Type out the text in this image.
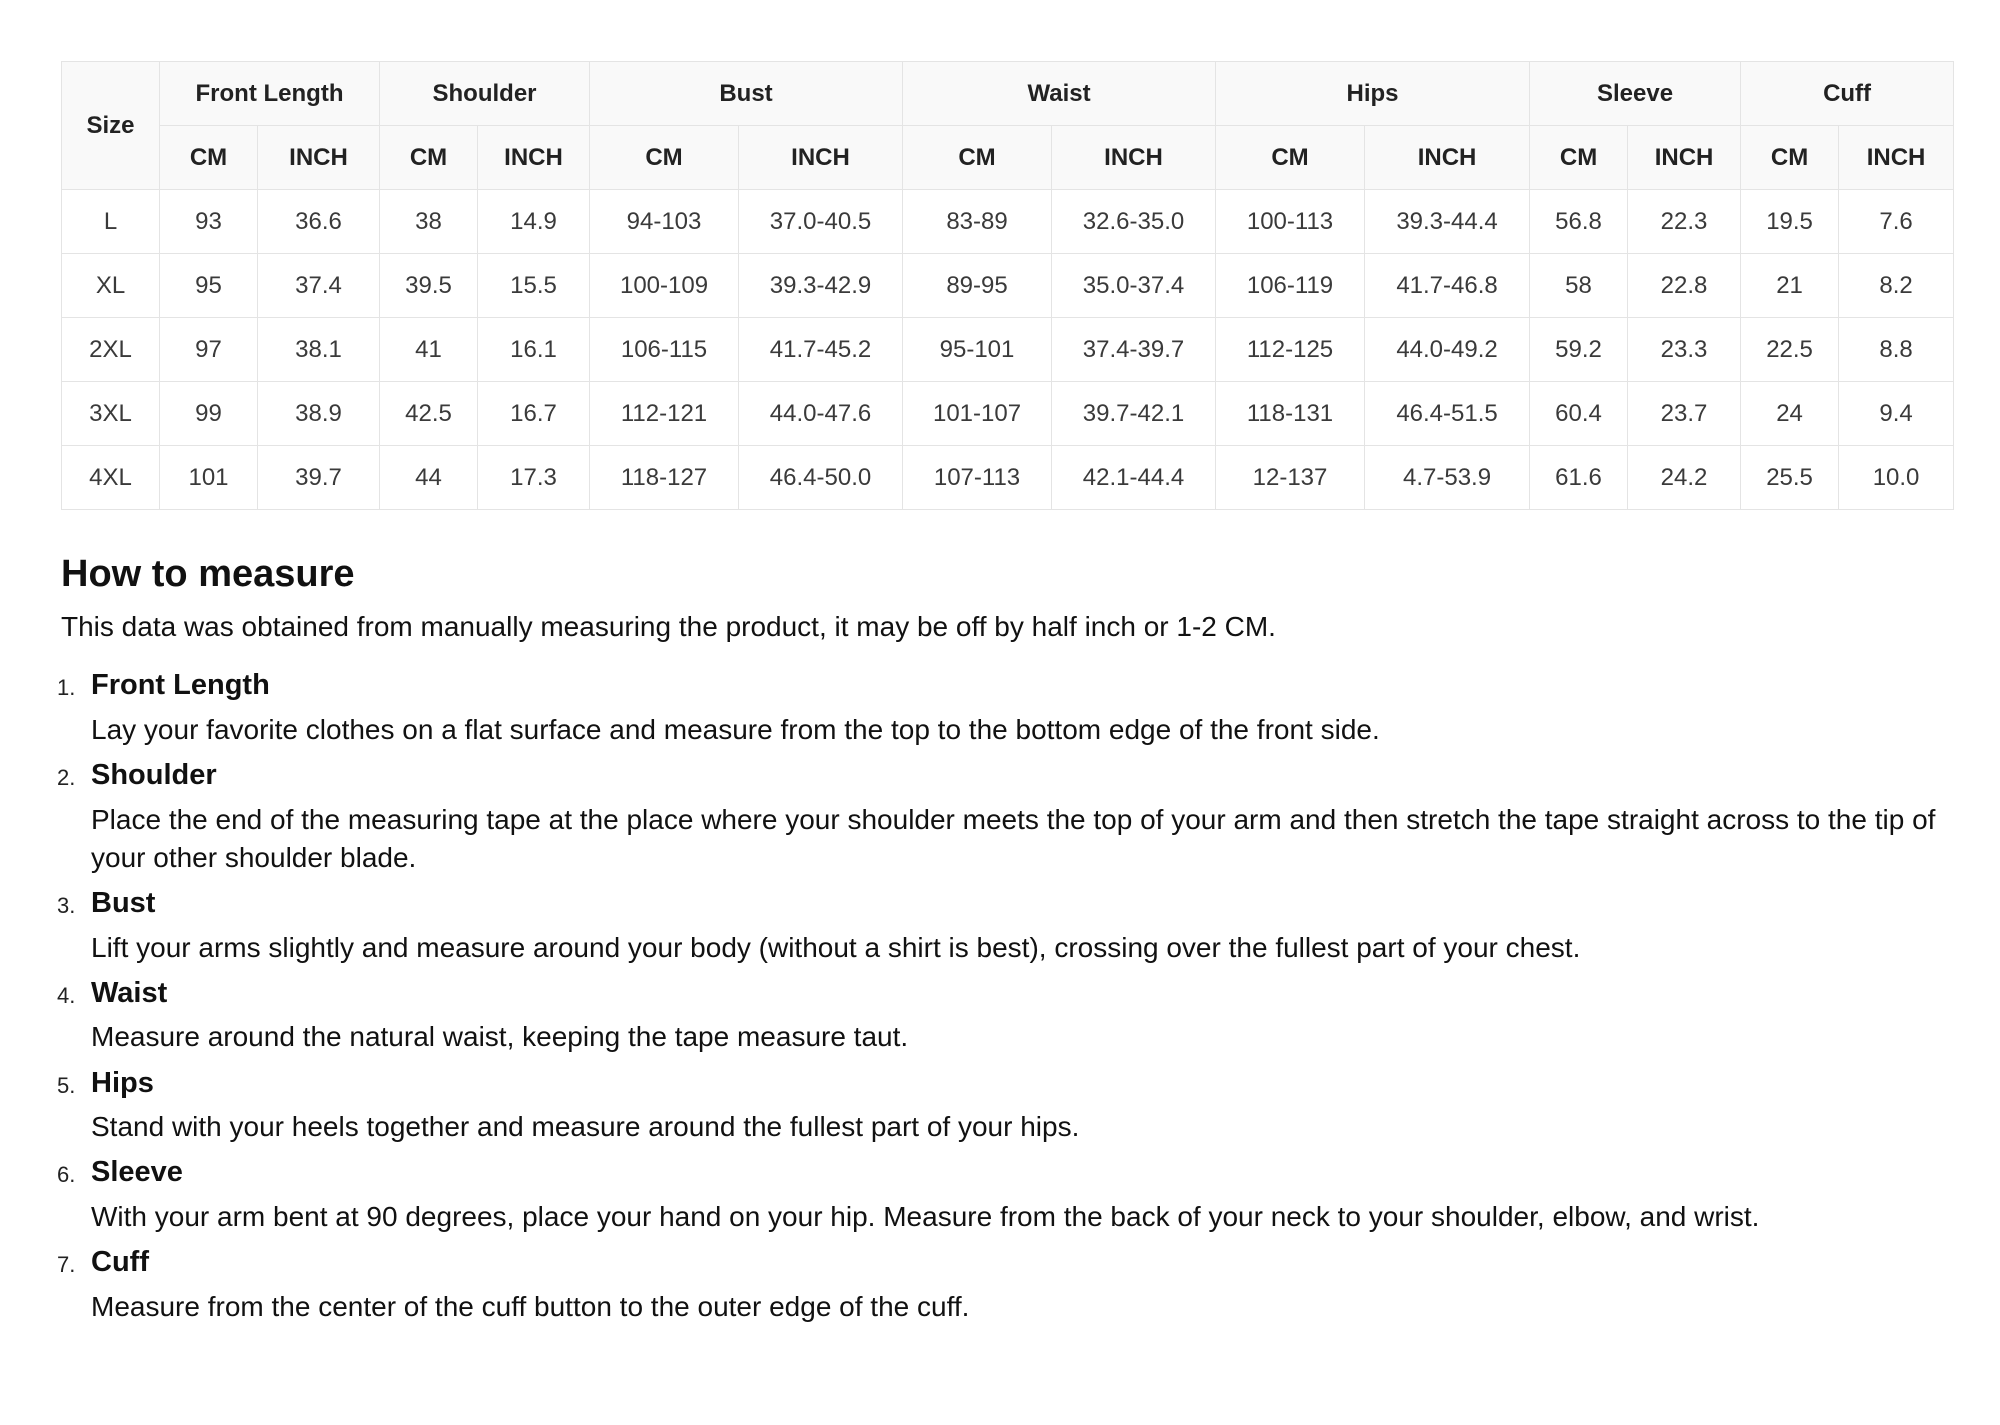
Size	Front Length		Shoulder		Bust		Waist		Hips		Sleeve		Cuff	
	CM	INCH	CM	INCH	CM	INCH	CM	INCH	CM	INCH	CM	INCH	CM	INCH
L	93	36.6	38	14.9	94-103	37.0-40.5	83-89	32.6-35.0	100-113	39.3-44.4	56.8	22.3	19.5	7.6
XL	95	37.4	39.5	15.5	100-109	39.3-42.9	89-95	35.0-37.4	106-119	41.7-46.8	58	22.8	21	8.2
2XL	97	38.1	41	16.1	106-115	41.7-45.2	95-101	37.4-39.7	112-125	44.0-49.2	59.2	23.3	22.5	8.8
3XL	99	38.9	42.5	16.7	112-121	44.0-47.6	101-107	39.7-42.1	118-131	46.4-51.5	60.4	23.7	24	9.4
4XL	101	39.7	44	17.3	118-127	46.4-50.0	107-113	42.1-44.4	12-137	4.7-53.9	61.6	24.2	25.5	10.0
How to measure

This data was obtained from manually measuring the product, it may be off by half inch or 1-2 CM.

1. Front Length
Lay your favorite clothes on a flat surface and measure from the top to the bottom edge of the front side.
2. Shoulder
Place the end of the measuring tape at the place where your shoulder meets the top of your arm and then stretch the tape straight across to the tip of your other shoulder blade.
3. Bust
Lift your arms slightly and measure around your body (without a shirt is best), crossing over the fullest part of your chest.
4. Waist
Measure around the natural waist, keeping the tape measure taut.
5. Hips
Stand with your heels together and measure around the fullest part of your hips.
6. Sleeve
With your arm bent at 90 degrees, place your hand on your hip. Measure from the back of your neck to your shoulder, elbow, and wrist.
7. Cuff
Measure from the center of the cuff button to the outer edge of the cuff.
